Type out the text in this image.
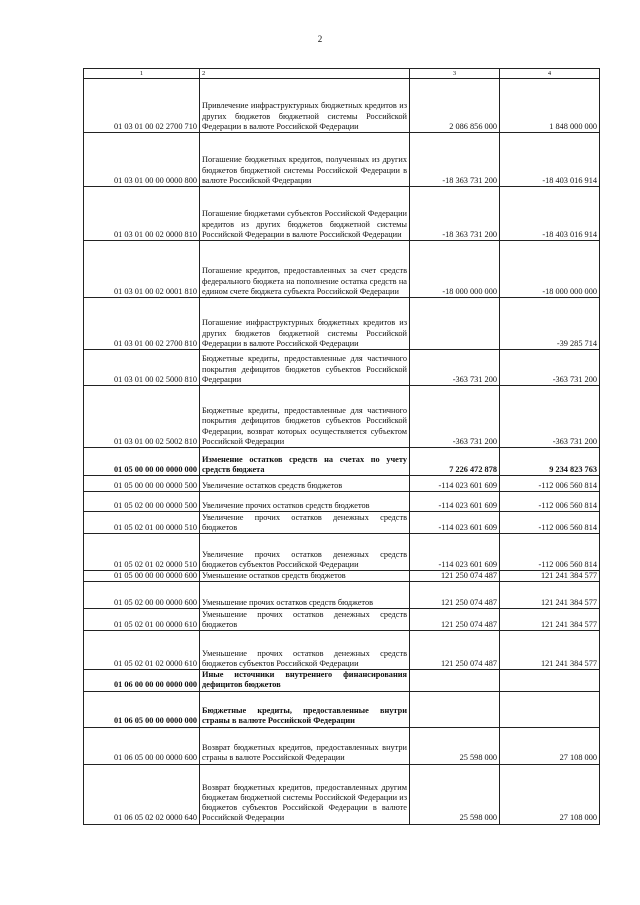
2
1	2	3	4
01 03 01 00 02 2700 710	Привлечение инфраструктурных бюджетных кредитов из других бюджетов бюджетной системы Российской Федерации в валюте Российской Федерации	2 086 856 000	1 848 000 000
01 03 01 00 00 0000 800	Погашение бюджетных кредитов, полученных из других бюджетов бюджетной системы Российской Федерации в валюте Российской Федерации	-18 363 731 200	-18 403 016 914
01 03 01 00 02 0000 810	Погашение бюджетами субъектов Российской Федерации кредитов из других бюджетов бюджетной системы Российской Федерации в валюте Российской Федерации	-18 363 731 200	-18 403 016 914
01 03 01 00 02 0001 810	Погашение кредитов, предоставленных за счет средств федерального бюджета на пополнение остатка средств на едином счете бюджета субъекта Российской Федерации	-18 000 000 000	-18 000 000 000
01 03 01 00 02 2700 810	Погашение инфраструктурных бюджетных кредитов из других бюджетов бюджетной системы Российской Федерации в валюте Российской Федерации		-39 285 714
01 03 01 00 02 5000 810	Бюджетные кредиты, предоставленные для частичного покрытия дефицитов бюджетов субъектов Российской Федерации	-363 731 200	-363 731 200
01 03 01 00 02 5002 810	Бюджетные кредиты, предоставленные для частичного покрытия дефицитов бюджетов субъектов Российской Федерации, возврат которых осуществляется субъектом Российской Федерации	-363 731 200	-363 731 200
01 05 00 00 00 0000 000	Изменение остатков средств на счетах по учету средств бюджета	7 226 472 878	9 234 823 763
01 05 00 00 00 0000 500	Увеличение остатков средств бюджетов	-114 023 601 609	-112 006 560 814
01 05 02 00 00 0000 500	Увеличение прочих остатков средств бюджетов	-114 023 601 609	-112 006 560 814
01 05 02 01 00 0000 510	Увеличение прочих остатков денежных средств бюджетов	-114 023 601 609	-112 006 560 814
01 05 02 01 02 0000 510	Увеличение прочих остатков денежных средств бюджетов субъектов Российской Федерации	-114 023 601 609	-112 006 560 814
01 05 00 00 00 0000 600	Уменьшение остатков средств бюджетов	121 250 074 487	121 241 384 577
01 05 02 00 00 0000 600	Уменьшение прочих остатков средств бюджетов	121 250 074 487	121 241 384 577
01 05 02 01 00 0000 610	Уменьшение прочих остатков денежных средств бюджетов	121 250 074 487	121 241 384 577
01 05 02 01 02 0000 610	Уменьшение прочих остатков денежных средств бюджетов субъектов Российской Федерации	121 250 074 487	121 241 384 577
01 06 00 00 00 0000 000	Иные источники внутреннего финансирования дефицитов бюджетов		
01 06 05 00 00 0000 000	Бюджетные кредиты, предоставленные внутри страны в валюте Российской Федерации		
01 06 05 00 00 0000 600	Возврат бюджетных кредитов, предоставленных внутри страны в валюте Российской Федерации	25 598 000	27 108 000
01 06 05 02 02 0000 640	Возврат бюджетных кредитов, предоставленных другим бюджетам бюджетной системы Российской Федерации из бюджетов субъектов Российской Федерации в валюте Российской Федерации	25 598 000	27 108 000
